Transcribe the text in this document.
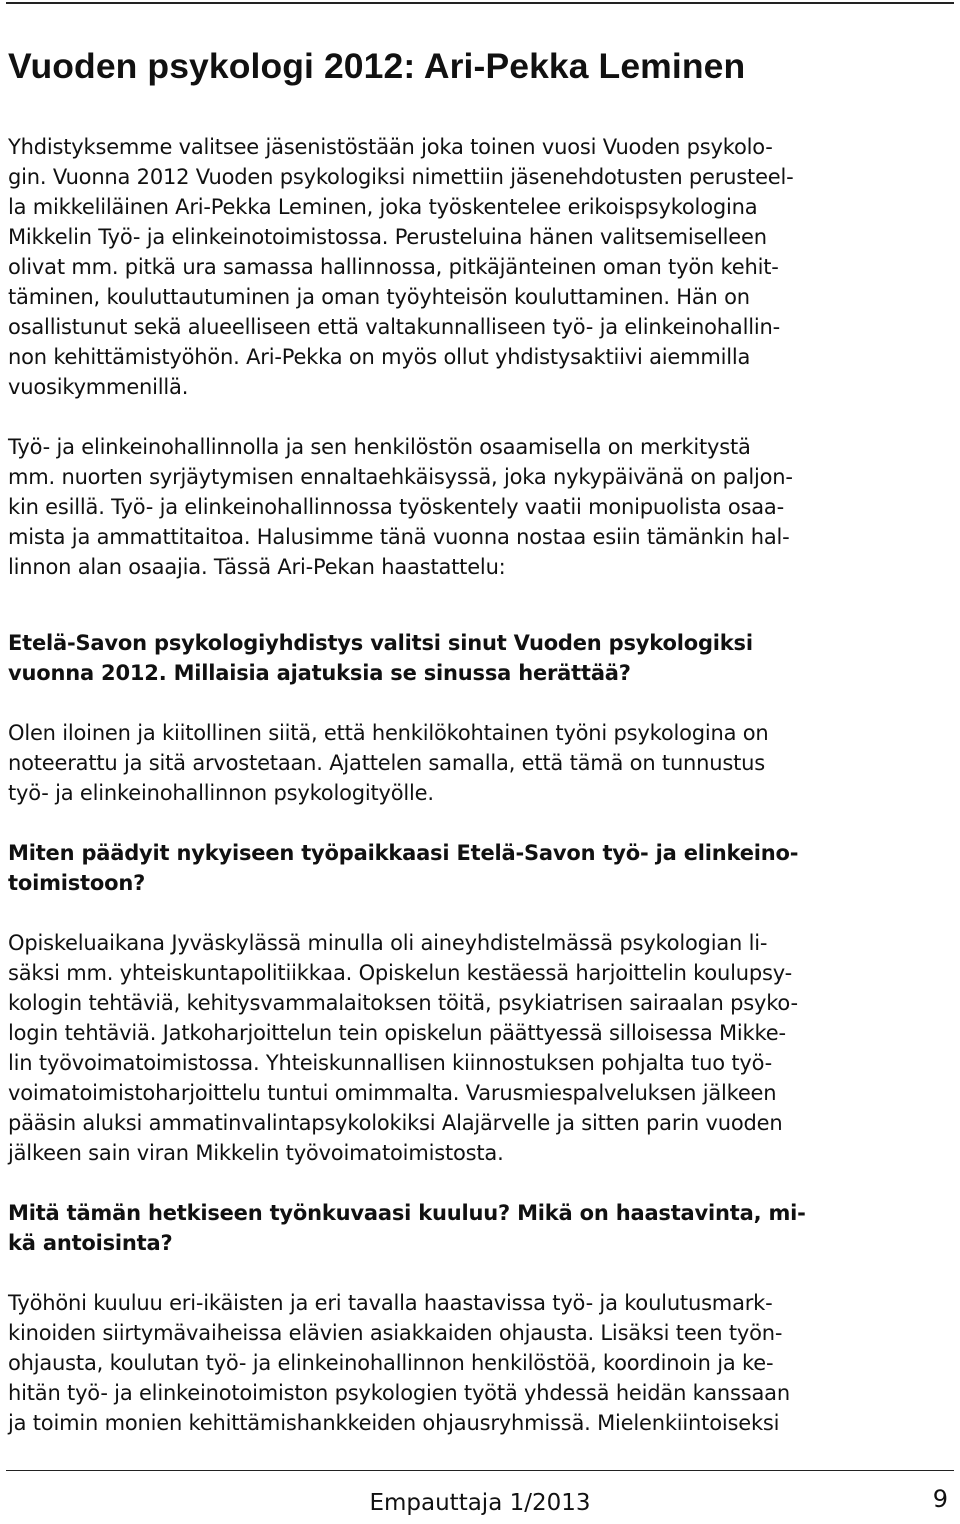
Vuoden psykologi 2012: Ari-Pekka Leminen

Yhdistyksemme valitsee jäsenistöstään joka toinen vuosi Vuoden psykolo-
gin. Vuonna 2012 Vuoden psykologiksi nimettiin jäsenehdotusten perusteel-
la mikkeliläinen Ari-Pekka Leminen, joka työskentelee erikoispsykologina
Mikkelin Työ- ja elinkeinotoimistossa. Perusteluina hänen valitsemiselleen
olivat mm. pitkä ura samassa hallinnossa, pitkäjänteinen oman työn kehit-
täminen, kouluttautuminen ja oman työyhteisön kouluttaminen. Hän on
osallistunut sekä alueelliseen että valtakunnalliseen työ- ja elinkeinohallin-
non kehittämistyöhön. Ari-Pekka on myös ollut yhdistysaktiivi aiemmilla
vuosikymmenillä.

Työ- ja elinkeinohallinnolla ja sen henkilöstön osaamisella on merkitystä
mm. nuorten syrjäytymisen ennaltaehkäisyssä, joka nykypäivänä on paljon-
kin esillä. Työ- ja elinkeinohallinnossa työskentely vaatii monipuolista osaa-
mista ja ammattitaitoa. Halusimme tänä vuonna nostaa esiin tämänkin hal-
linnon alan osaajia. Tässä Ari-Pekan haastattelu:

Etelä-Savon psykologiyhdistys valitsi sinut Vuoden psykologiksi
vuonna 2012. Millaisia ajatuksia se sinussa herättää?

Olen iloinen ja kiitollinen siitä, että henkilökohtainen työni psykologina on
noteerattu ja sitä arvostetaan. Ajattelen samalla, että tämä on tunnustus
työ- ja elinkeinohallinnon psykologityölle.

Miten päädyit nykyiseen työpaikkaasi Etelä-Savon työ- ja elinkeino-
toimistoon?

Opiskeluaikana Jyväskylässä minulla oli aineyhdistelmässä psykologian li-
säksi mm. yhteiskuntapolitiikkaa. Opiskelun kestäessä harjoittelin koulupsy-
kologin tehtäviä, kehitysvammalaitoksen töitä, psykiatrisen sairaalan psyko-
login tehtäviä. Jatkoharjoittelun tein opiskelun päättyessä silloisessa Mikke-
lin työvoimatoimistossa. Yhteiskunnallisen kiinnostuksen pohjalta tuo työ-
voimatoimistoharjoittelu tuntui omimmalta. Varusmiespalveluksen jälkeen
pääsin aluksi ammatinvalintapsykolokiksi Alajärvelle ja sitten parin vuoden
jälkeen sain viran Mikkelin työvoimatoimistosta.

Mitä tämän hetkiseen työnkuvaasi kuuluu? Mikä on haastavinta, mi-
kä antoisinta?

Työhöni kuuluu eri-ikäisten ja eri tavalla haastavissa työ- ja koulutusmark-
kinoiden siirtymävaiheissa elävien asiakkaiden ohjausta. Lisäksi teen työn-
ohjausta, koulutan työ- ja elinkeinohallinnon henkilöstöä, koordinoin ja ke-
hitän työ- ja elinkeinotoimiston psykologien työtä yhdessä heidän kanssaan
ja toimin monien kehittämishankkeiden ohjausryhmissä. Mielenkiintoiseksi

Empauttaja 1/2013	9
